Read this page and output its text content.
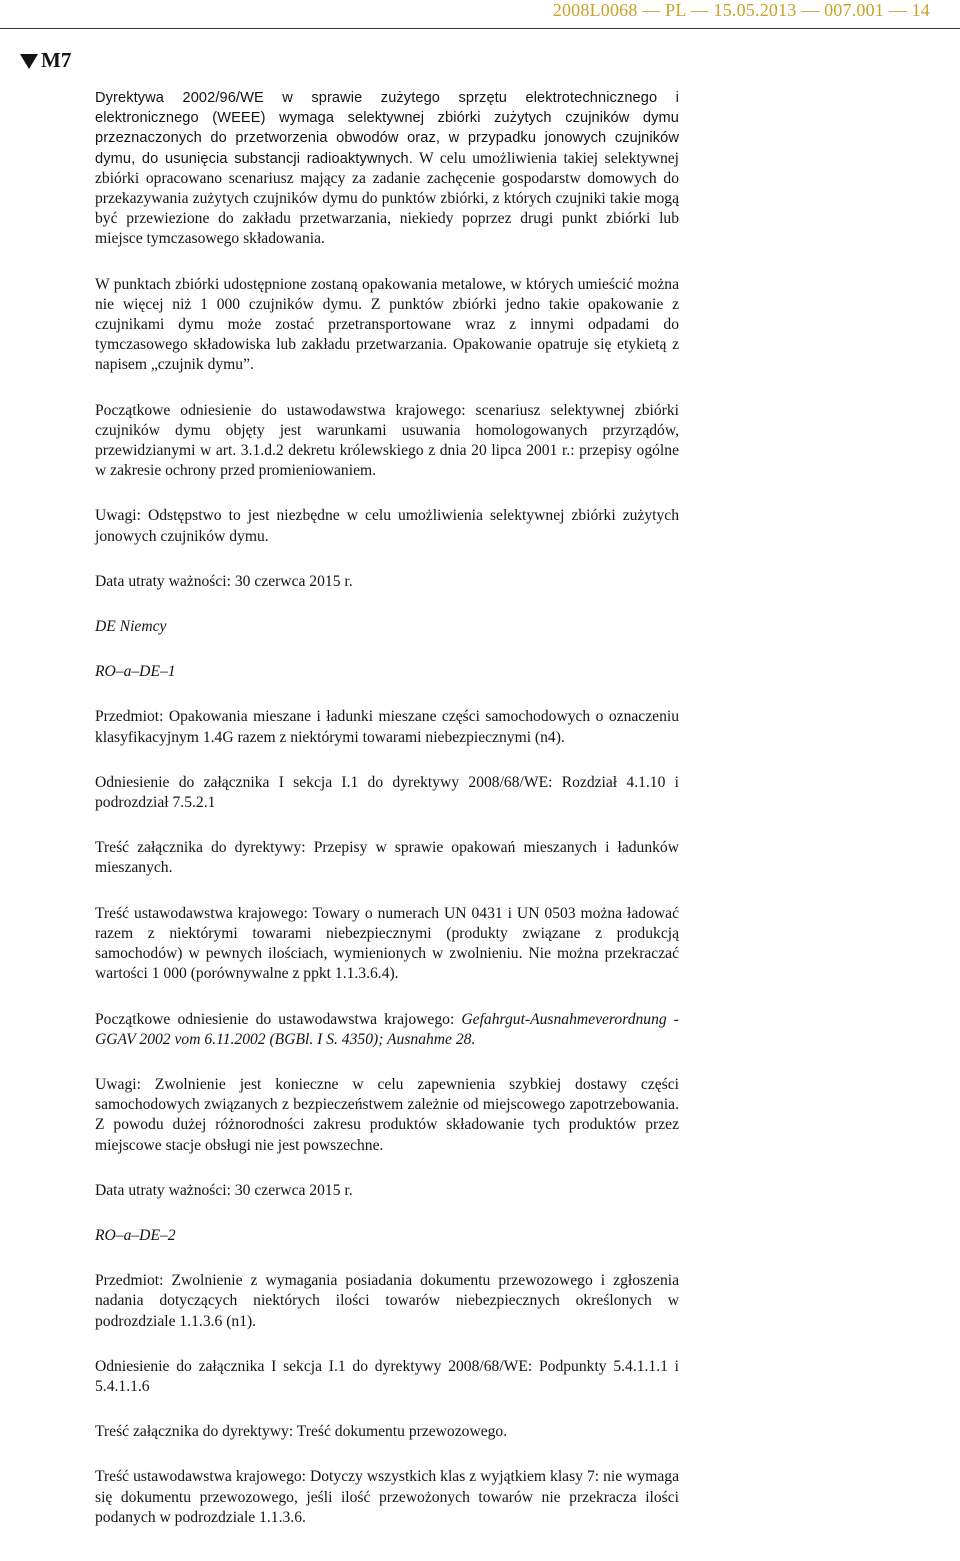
2008L0068 — PL — 15.05.2013 — 007.001 — 14
M7

Dyrektywa 2002/96/WE w sprawie zużytego sprzętu elektrotechnicznego i elektronicznego (WEEE) wymaga selektywnej zbiórki zużytych czujników dymu przeznaczonych do przetworzenia obwodów oraz, w przypadku jonowych czujników dymu, do usunięcia substancji radioaktywnych. W celu umożliwienia takiej selektywnej zbiórki opracowano scenariusz mający za zadanie zachęcenie gospodarstw domowych do przekazywania zużytych czujników dymu do punktów zbiórki, z których czujniki takie mogą być przewiezione do zakładu przetwarzania, niekiedy poprzez drugi punkt zbiórki lub miejsce tymczasowego składowania.

W punktach zbiórki udostępnione zostaną opakowania metalowe, w których umieścić można nie więcej niż 1 000 czujników dymu. Z punktów zbiórki jedno takie opakowanie z czujnikami dymu może zostać przetransportowane wraz z innymi odpadami do tymczasowego składowiska lub zakładu przetwarzania. Opakowanie opatruje się etykietą z napisem „czujnik dymu”.

Początkowe odniesienie do ustawodawstwa krajowego: scenariusz selektywnej zbiórki czujników dymu objęty jest warunkami usuwania homologowanych przyrządów, przewidzianymi w art. 3.1.d.2 dekretu królewskiego z dnia 20 lipca 2001 r.: przepisy ogólne w zakresie ochrony przed promieniowaniem.

Uwagi: Odstępstwo to jest niezbędne w celu umożliwienia selektywnej zbiórki zużytych jonowych czujników dymu.

Data utraty ważności: 30 czerwca 2015 r.

DE Niemcy

RO–a–DE–1

Przedmiot: Opakowania mieszane i ładunki mieszane części samochodowych o oznaczeniu klasyfikacyjnym 1.4G razem z niektórymi towarami niebezpiecznymi (n4).

Odniesienie do załącznika I sekcja I.1 do dyrektywy 2008/68/WE: Rozdział 4.1.10 i podrozdział 7.5.2.1

Treść załącznika do dyrektywy: Przepisy w sprawie opakowań mieszanych i ładunków mieszanych.

Treść ustawodawstwa krajowego: Towary o numerach UN 0431 i UN 0503 można ładować razem z niektórymi towarami niebezpiecznymi (produkty związane z produkcją samochodów) w pewnych ilościach, wymienionych w zwolnieniu. Nie można przekraczać wartości 1 000 (porównywalne z ppkt 1.1.3.6.4).

Początkowe odniesienie do ustawodawstwa krajowego: Gefahrgut-Ausnahmeverordnung - GGAV 2002 vom 6.11.2002 (BGBl. I S. 4350); Ausnahme 28.

Uwagi: Zwolnienie jest konieczne w celu zapewnienia szybkiej dostawy części samochodowych związanych z bezpieczeństwem zależnie od miejscowego zapotrzebowania. Z powodu dużej różnorodności zakresu produktów składowanie tych produktów przez miejscowe stacje obsługi nie jest powszechne.

Data utraty ważności: 30 czerwca 2015 r.

RO–a–DE–2

Przedmiot: Zwolnienie z wymagania posiadania dokumentu przewozowego i zgłoszenia nadania dotyczących niektórych ilości towarów niebezpiecznych określonych w podrozdziale 1.1.3.6 (n1).

Odniesienie do załącznika I sekcja I.1 do dyrektywy 2008/68/WE: Podpunkty 5.4.1.1.1 i 5.4.1.1.6

Treść załącznika do dyrektywy: Treść dokumentu przewozowego.

Treść ustawodawstwa krajowego: Dotyczy wszystkich klas z wyjątkiem klasy 7: nie wymaga się dokumentu przewozowego, jeśli ilość przewożonych towarów nie przekracza ilości podanych w podrozdziale 1.1.3.6.
